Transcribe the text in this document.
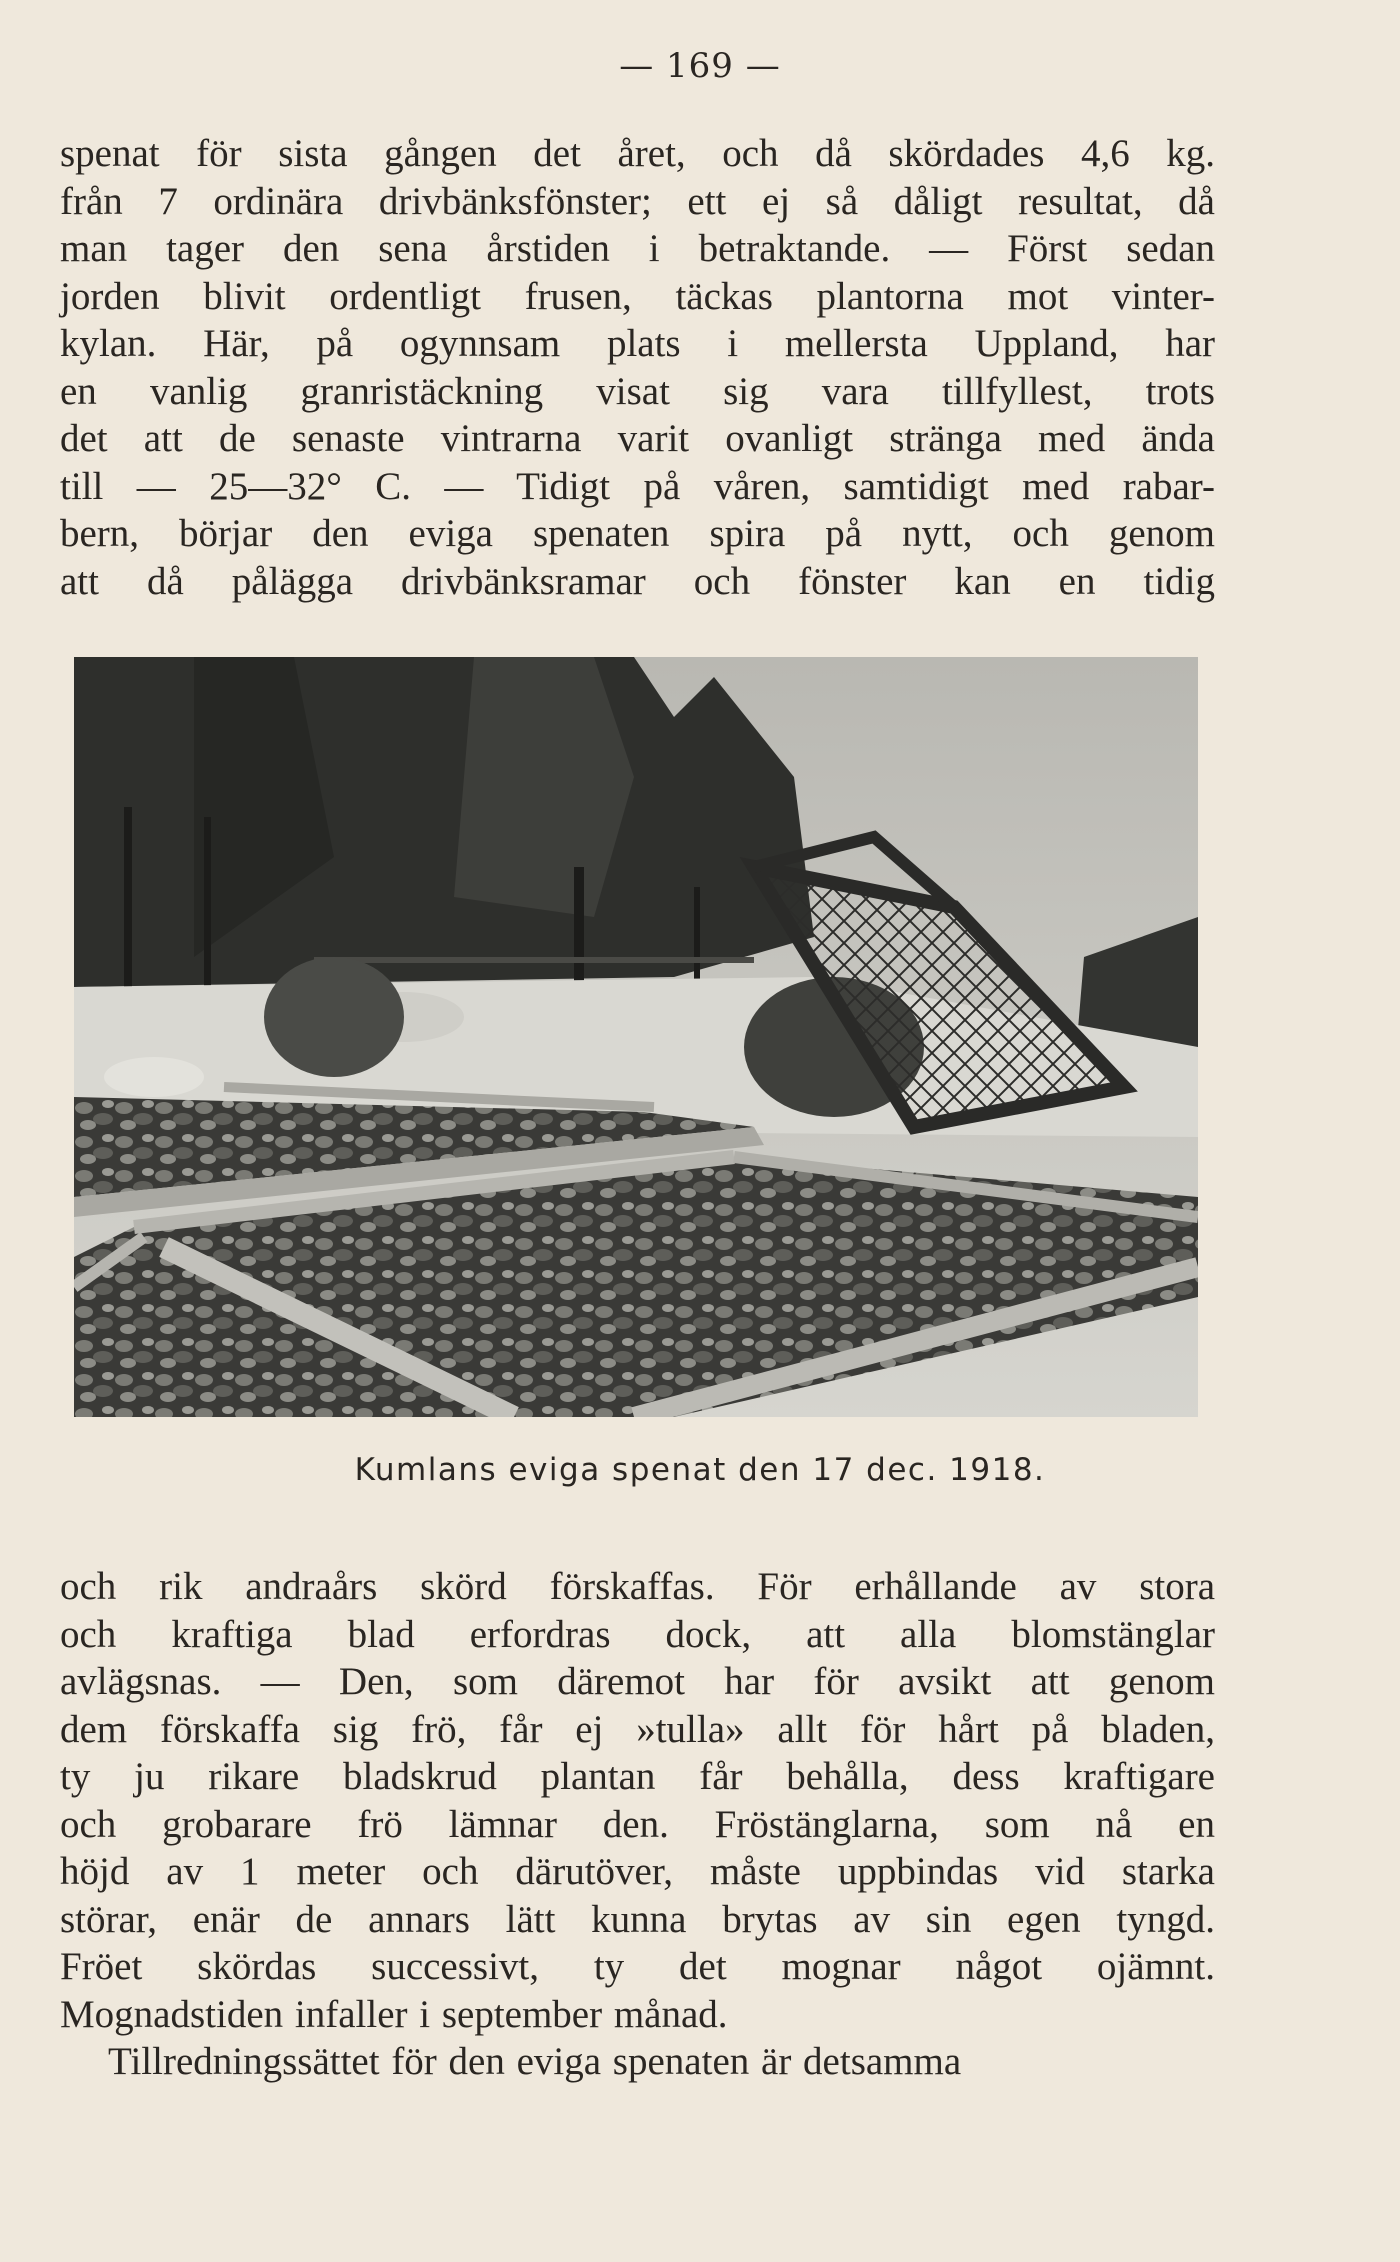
— 169 —
spenat för sista gången det året, och då skördades 4,6 kg.
från 7 ordinära drivbänksfönster; ett ej så dåligt resultat, då
man tager den sena årstiden i betraktande. — Först sedan
jorden blivit ordentligt frusen, täckas plantorna mot vinter-
kylan. Här, på ogynnsam plats i mellersta Uppland, har
en vanlig granristäckning visat sig vara tillfyllest, trots
det att de senaste vintrarna varit ovanligt stränga med ända
till — 25—32° C. — Tidigt på våren, samtidigt med rabar-
bern, börjar den eviga spenaten spira på nytt, och genom
att då pålägga drivbänksramar och fönster kan en tidig
Kumlans eviga spenat den 17 dec. 1918.
och rik andraårs skörd förskaffas. För erhållande av stora
och kraftiga blad erfordras dock, att alla blomstänglar
avlägsnas. — Den, som däremot har för avsikt att genom
dem förskaffa sig frö, får ej »tulla» allt för hårt på bladen,
ty ju rikare bladskrud plantan får behålla, dess kraftigare
och grobarare frö lämnar den. Fröstänglarna, som nå en
höjd av 1 meter och därutöver, måste uppbindas vid starka
störar, enär de annars lätt kunna brytas av sin egen tyngd.
Fröet skördas successivt, ty det mognar något ojämnt.
Mognadstiden infaller i september månad.
Tillredningssättet för den eviga spenaten är detsamma
